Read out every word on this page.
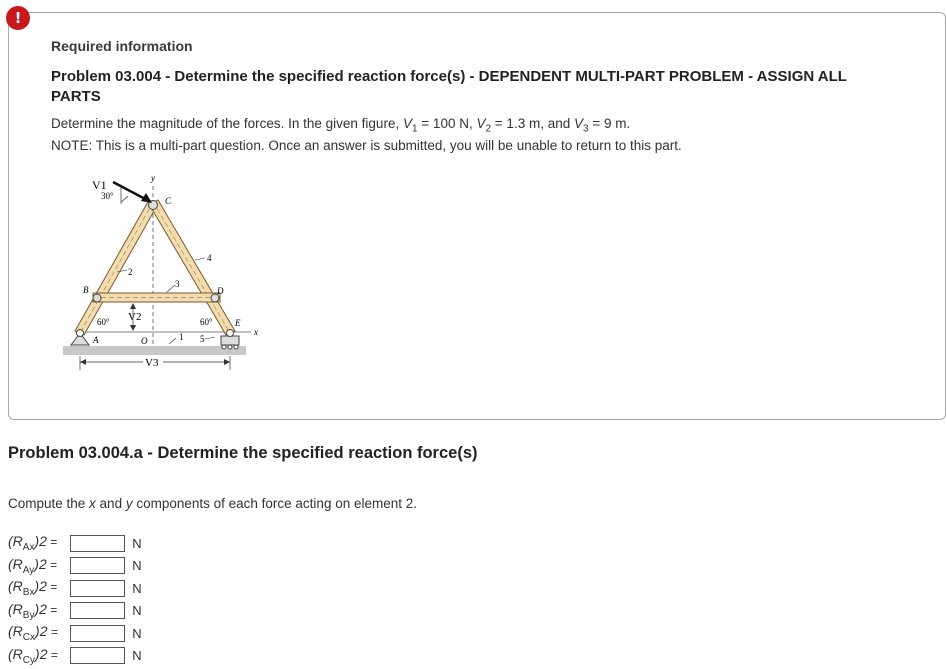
!
Required information
Problem 03.004 - Determine the specified reaction force(s) - DEPENDENT MULTI-PART PROBLEM - ASSIGN ALL PARTS
Determine the magnitude of the forces. In the given figure, $V_1 = 100$ N, $V_2 = 1.3$ m, and $V_3 = 9$ m.
NOTE: This is a multi-part question. Once an answer is submitted, you will be unable to return to this part.
V1
30°
y
C
4
2
3
B	D
60° V2	60° E
x
A	O	1 5
V3
Problem 03.004.a - Determine the specified reaction force(s)
Compute the x and y components of each force acting on element 2.
$(R_{Ax})2$ =	N
$(R_{Ay})2$ =	N
$(R_{Bx})2$ =	N
$(R_{By})2$ =	N
$(R_{Cx})2$ =	N
$(R_{Cy})2$ =	N
